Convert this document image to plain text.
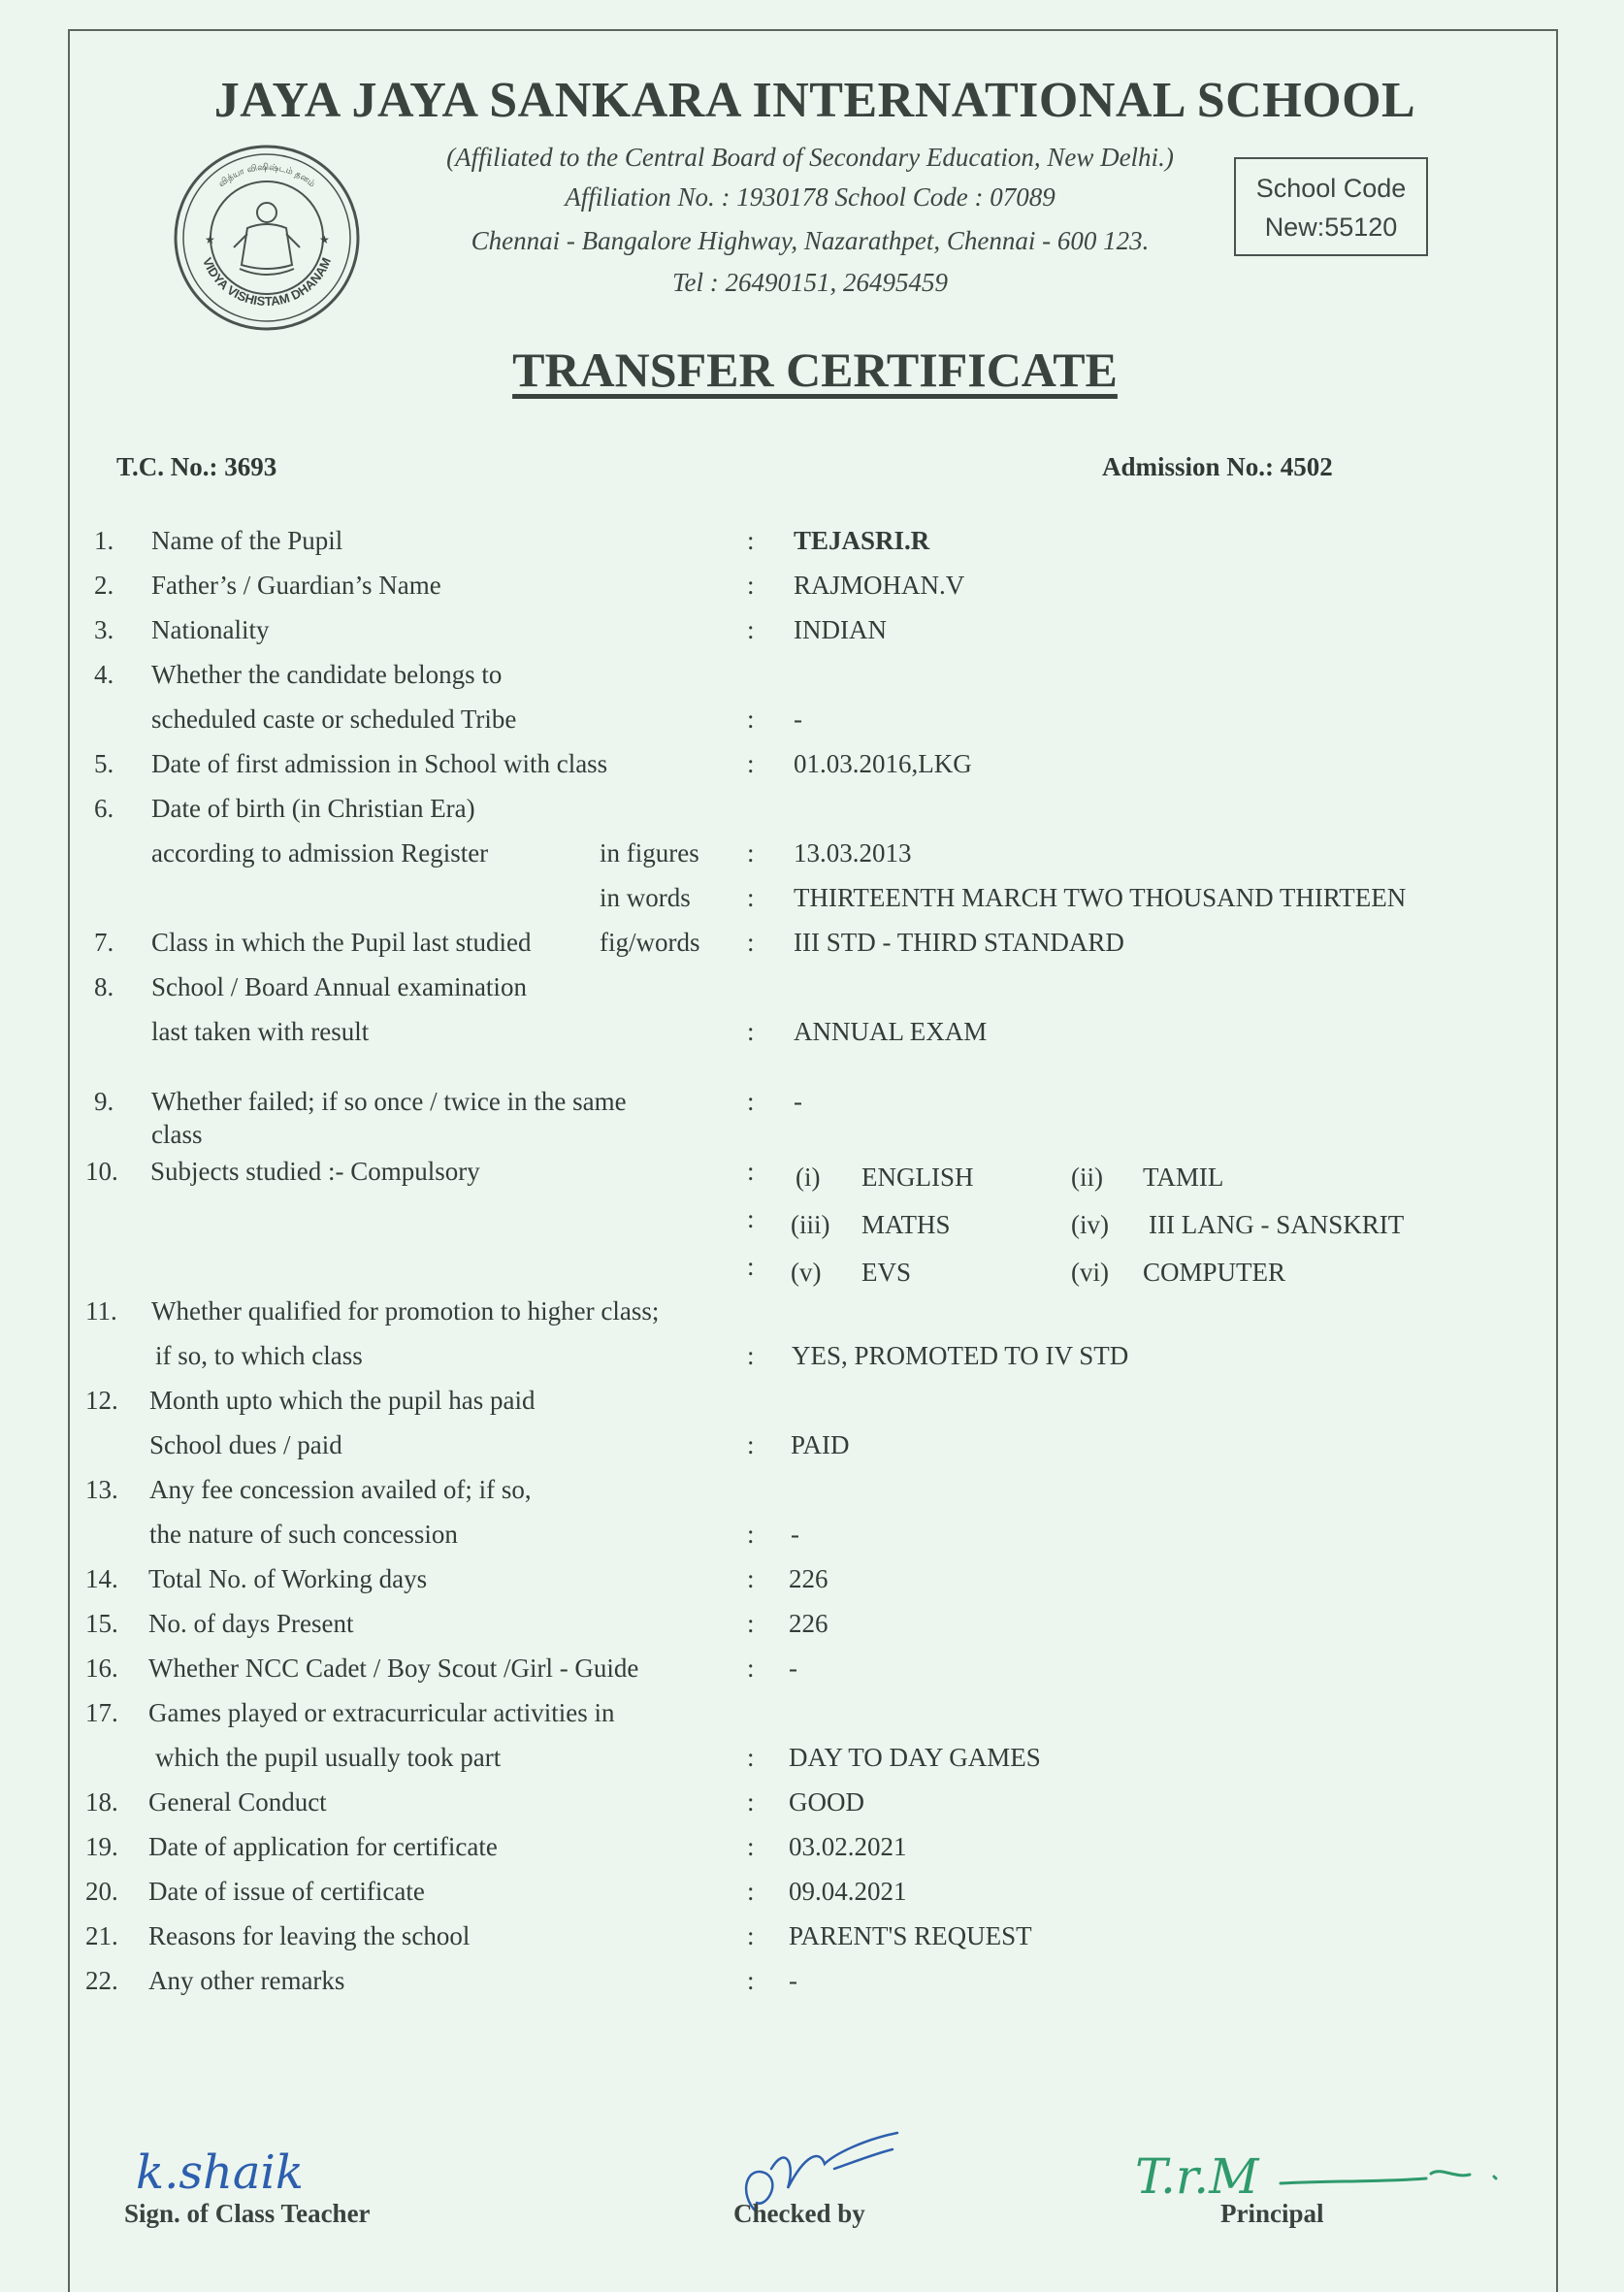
JAYA JAYA SANKARA INTERNATIONAL SCHOOL
VIDYA VISHISTAM DHANAM
வித்யா விஷிஷ்டம் தனம்
★	★
(Affiliated to the Central Board of Secondary Education, New Delhi.)
Affiliation No. : 1930178 School Code : 07089
Chennai - Bangalore Highway, Nazarathpet, Chennai - 600 123.
Tel : 26490151, 26495459
School Code
New:55120
TRANSFER CERTIFICATE
T.C. No.: 3693	Admission No.: 4502
1. Name of the Pupil	: TEJASRI.R
2. Father’s / Guardian’s Name	: RAJMOHAN.V
3. Nationality	: INDIAN
4. Whether the candidate belongs to
scheduled caste or scheduled Tribe	: -
5. Date of first admission in School with class	: 01.03.2016,LKG
6. Date of birth (in Christian Era)
according to admission Register	in figures : 13.03.2013
in words : THIRTEENTH MARCH TWO THOUSAND THIRTEEN
7. Class in which the Pupil last studied	fig/words : III STD - THIRD STANDARD
8. School / Board Annual examination
last taken with result	: ANNUAL EXAM
9. Whether failed; if so once / twice in the same
class
: -
10. Subjects studied :- Compulsory	:
:
:
(i) ENGLISH	(ii) TAMIL
(iii) MATHS	(iv) III LANG - SANSKRIT
(v) EVS	(vi) COMPUTER
11. Whether qualified for promotion to higher class;
if so, to which class	: YES, PROMOTED TO IV STD
12. Month upto which the pupil has paid
School dues / paid	: PAID
13. Any fee concession availed of; if so,
the nature of such concession	: -
14. Total No. of Working days	: 226
15. No. of days Present	: 226
16. Whether NCC Cadet / Boy Scout /Girl - Guide	: -
17. Games played or extracurricular activities in
which the pupil usually took part	: DAY TO DAY GAMES
18. General Conduct	: GOOD
19. Date of application for certificate	: 03.02.2021
20. Date of issue of certificate	: 09.04.2021
21. Reasons for leaving the school	: PARENT'S REQUEST
22. Any other remarks	: -
k.shaik
Sign. of Class Teacher	Checked by
T.r.M
Principal
